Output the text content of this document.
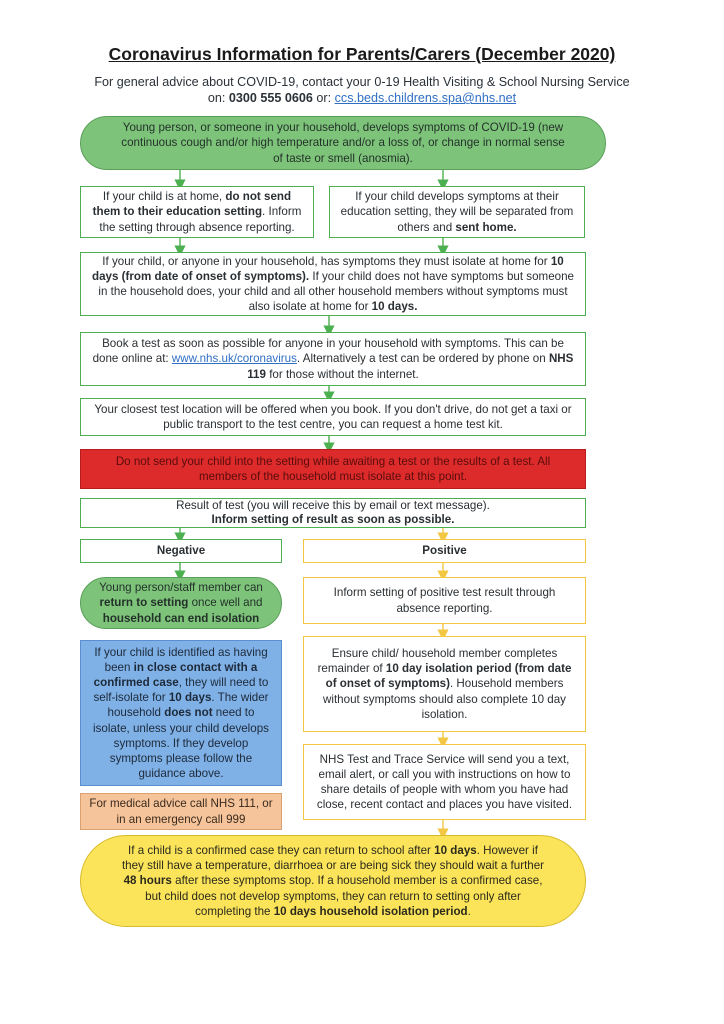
Coronavirus Information for Parents/Carers (December 2020)
For general advice about COVID-19, contact your 0-19 Health Visiting & School Nursing Service
on: 0300 555 0606 or: ccs.beds.childrens.spa@nhs.net
Young person, or someone in your household, develops symptoms of COVID-19 (new continuous cough and/or high temperature and/or a loss of, or change in normal sense of taste or smell (anosmia).
If your child is at home, do not send them to their education setting. Inform the setting through absence reporting.
If your child develops symptoms at their education setting, they will be separated from others and sent home.
If your child, or anyone in your household, has symptoms they must isolate at home for 10 days (from date of onset of symptoms). If your child does not have symptoms but someone in the household does, your child and all other household members without symptoms must also isolate at home for 10 days.
Book a test as soon as possible for anyone in your household with symptoms. This can be done online at: www.nhs.uk/coronavirus. Alternatively a test can be ordered by phone on NHS 119 for those without the internet.
Your closest test location will be offered when you book. If you don't drive, do not get a taxi or public transport to the test centre, you can request a home test kit.
Do not send your child into the setting while awaiting a test or the results of a test. All members of the household must isolate at this point.
Result of test (you will receive this by email or text message).
Inform setting of result as soon as possible.
Negative	Positive
Young person/staff member can return to setting once well and household can end isolation
Inform setting of positive test result through absence reporting.
If your child is identified as having been in close contact with a confirmed case, they will need to self-isolate for 10 days. The wider household does not need to isolate, unless your child develops symptoms. If they develop symptoms please follow the guidance above.
Ensure child/ household member completes remainder of 10 day isolation period (from date of onset of symptoms). Household members without symptoms should also complete 10 day isolation.
NHS Test and Trace Service will send you a text, email alert, or call you with instructions on how to share details of people with whom you have had close, recent contact and places you have visited.
For medical advice call NHS 111, or in an emergency call 999
If a child is a confirmed case they can return to school after 10 days. However if they still have a temperature, diarrhoea or are being sick they should wait a further 48 hours after these symptoms stop. If a household member is a confirmed case, but child does not develop symptoms, they can return to setting only after completing the 10 days household isolation period.
